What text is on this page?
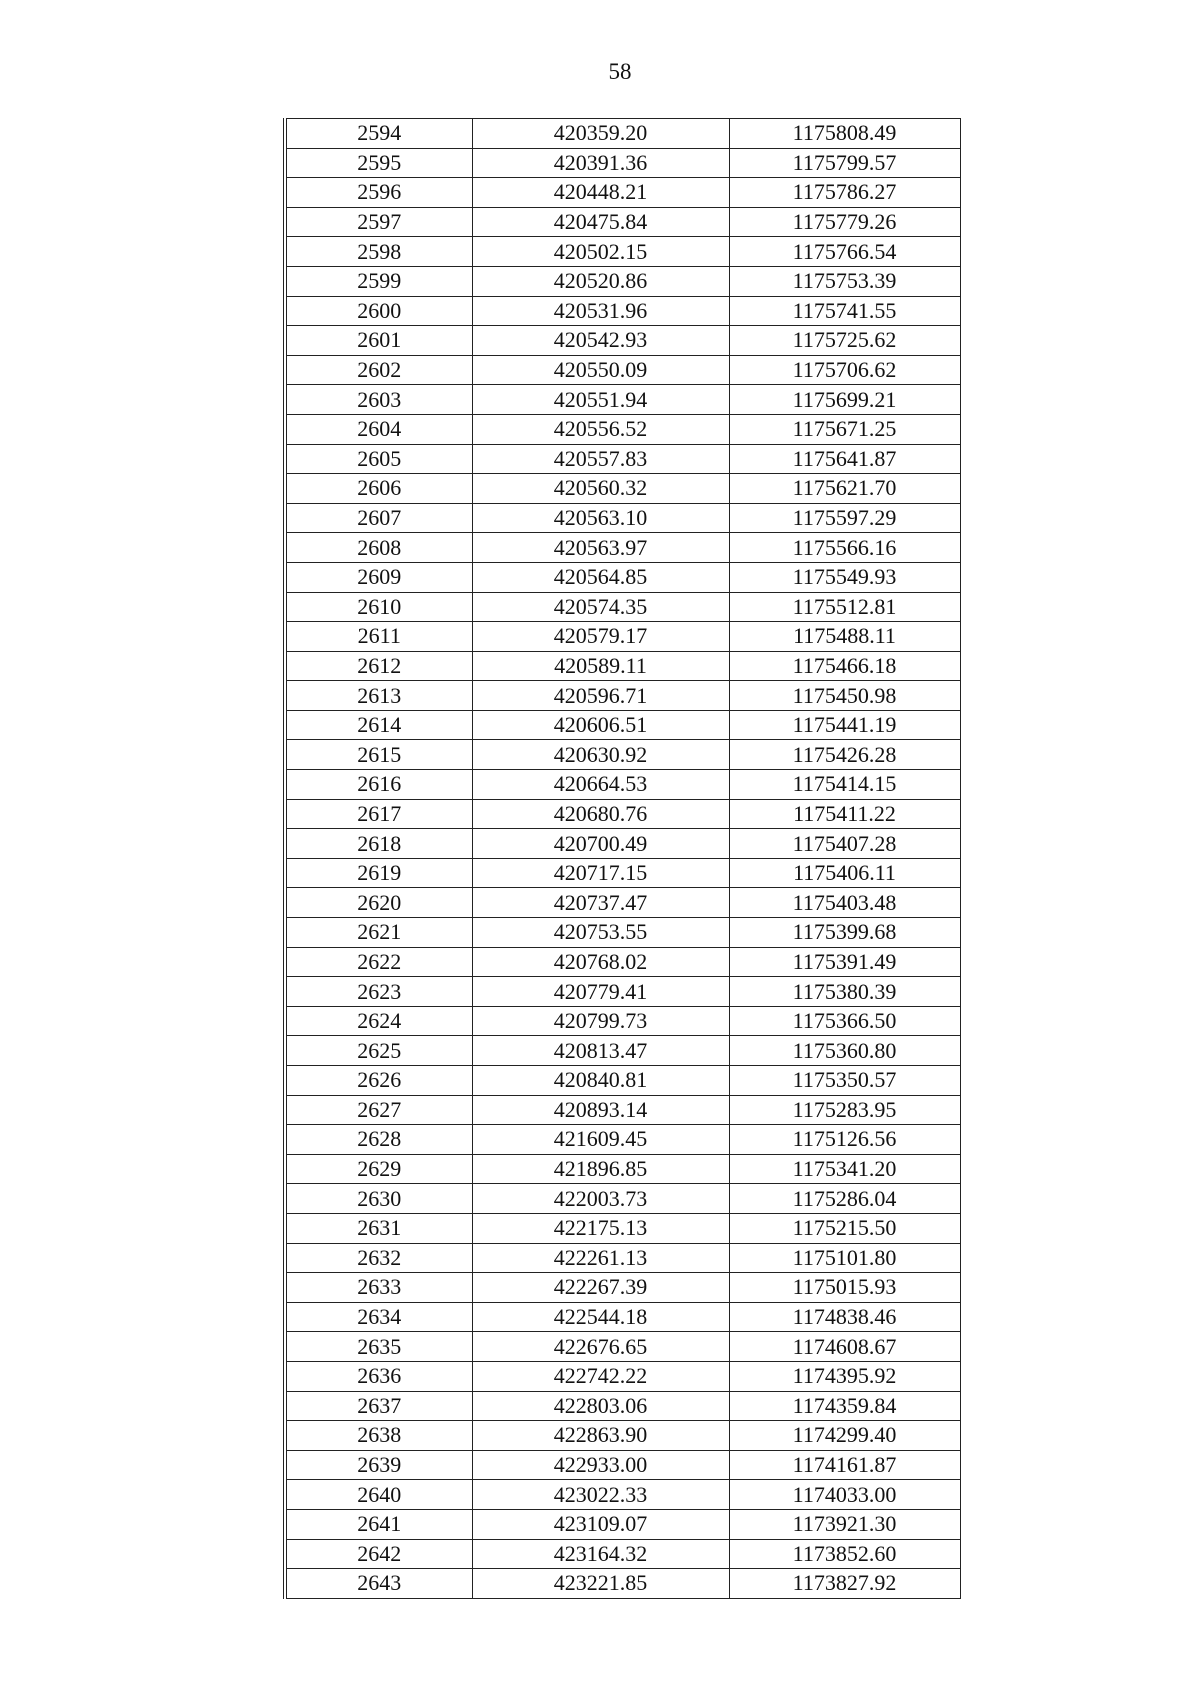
58
2594	420359.20	1175808.49
2595	420391.36	1175799.57
2596	420448.21	1175786.27
2597	420475.84	1175779.26
2598	420502.15	1175766.54
2599	420520.86	1175753.39
2600	420531.96	1175741.55
2601	420542.93	1175725.62
2602	420550.09	1175706.62
2603	420551.94	1175699.21
2604	420556.52	1175671.25
2605	420557.83	1175641.87
2606	420560.32	1175621.70
2607	420563.10	1175597.29
2608	420563.97	1175566.16
2609	420564.85	1175549.93
2610	420574.35	1175512.81
2611	420579.17	1175488.11
2612	420589.11	1175466.18
2613	420596.71	1175450.98
2614	420606.51	1175441.19
2615	420630.92	1175426.28
2616	420664.53	1175414.15
2617	420680.76	1175411.22
2618	420700.49	1175407.28
2619	420717.15	1175406.11
2620	420737.47	1175403.48
2621	420753.55	1175399.68
2622	420768.02	1175391.49
2623	420779.41	1175380.39
2624	420799.73	1175366.50
2625	420813.47	1175360.80
2626	420840.81	1175350.57
2627	420893.14	1175283.95
2628	421609.45	1175126.56
2629	421896.85	1175341.20
2630	422003.73	1175286.04
2631	422175.13	1175215.50
2632	422261.13	1175101.80
2633	422267.39	1175015.93
2634	422544.18	1174838.46
2635	422676.65	1174608.67
2636	422742.22	1174395.92
2637	422803.06	1174359.84
2638	422863.90	1174299.40
2639	422933.00	1174161.87
2640	423022.33	1174033.00
2641	423109.07	1173921.30
2642	423164.32	1173852.60
2643	423221.85	1173827.92
